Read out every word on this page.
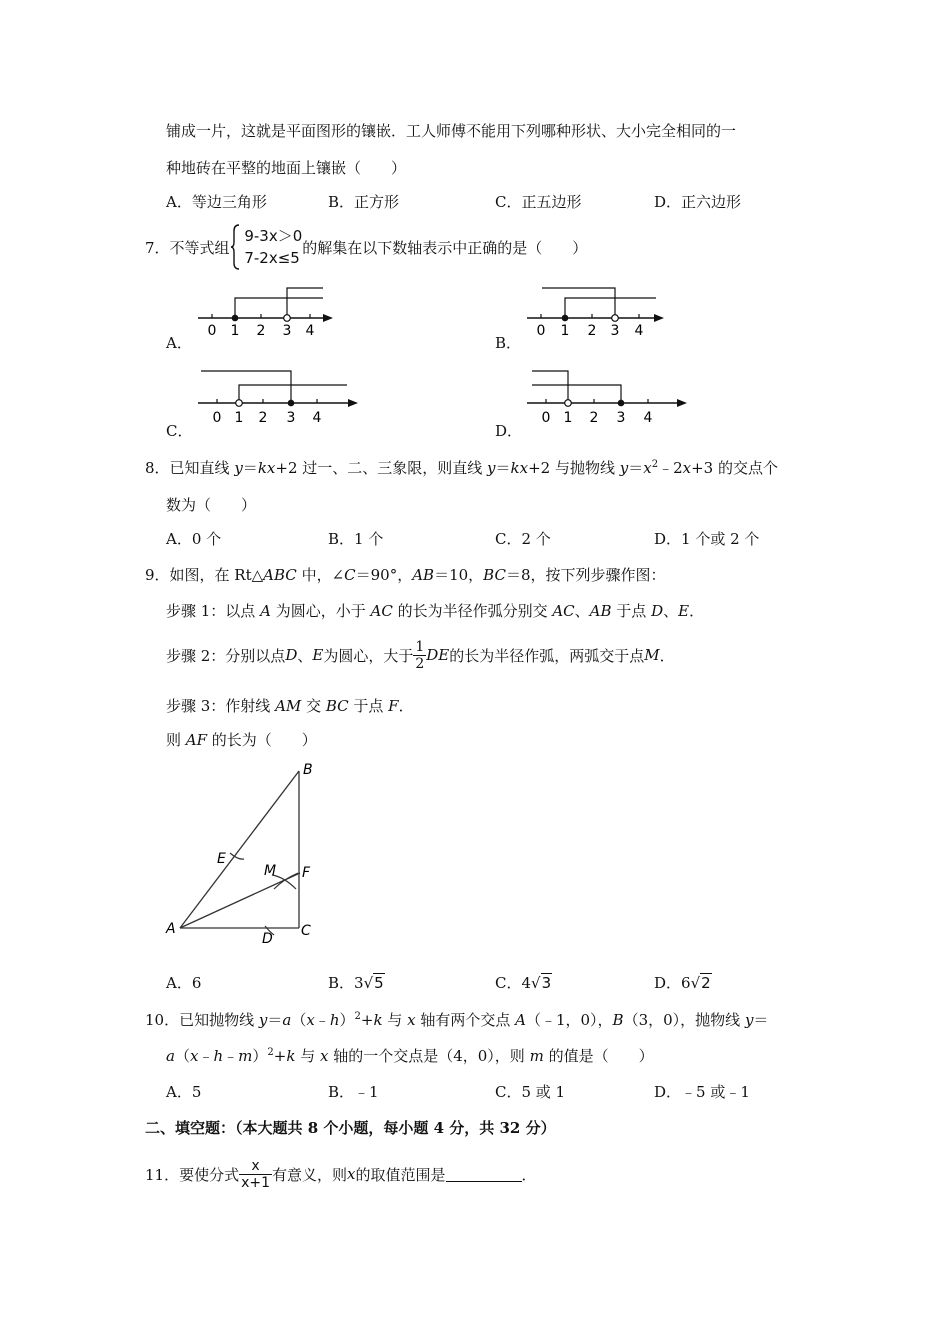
铺成一片，这就是平面图形的镶嵌．工人师傅不能用下列哪种形状、大小完全相同的一
种地砖在平整的地面上镶嵌（　　）
A．等边三角形	B．正方形	C．正五边形	D．正六边形
7．不等式组

9-3x＞0
7-2x≤5
的解集在以下数轴表示中正确的是（　　）
A．
0 1 2 3 4
B．
0 1 2 3 4
C．
0 1 2 3 4
D．
0 1 2 3 4
8．已知直线 y＝kx+2 过一、二、三象限，则直线 y＝kx+2 与抛物线 $y=x^2﹣2x+3$ 的交点个
数为（　　）
A．0 个	B．1 个	C．2 个	D．1 个或 2 个
9．如图，在 Rt△ABC 中，∠C＝90°，AB＝10，BC＝8，按下列步骤作图：
步骤 1：以点 A 为圆心，小于 AC 的长为半径作弧分别交 AC、AB 于点 D、E．
步骤 2：分别以点 D 、 E 为圆心，大于 $\frac{1}{2}$ DE 的长为半径作弧，两弧交于点 M ．
步骤 3：作射线 AM 交 BC 于点 F．
则 AF 的长为（　　）
B
E
M F
A
D C
A．6	B．3√5	C．4√3	D．6√2
10．已知抛物线 y＝a（x﹣h）$^2$+k 与 x 轴有两个交点 A（﹣1，0），B（3，0），抛物线 y＝
a（x﹣h﹣m）$^2$+k 与 x 轴的一个交点是（4，0），则 m 的值是（　　）
A．5	B．﹣1	C．5 或 1	D．﹣5 或﹣1
二、填空题：（本大题共 8 个小题，每小题 4 分，共 32 分）
11．要使分式 $\frac{x}{x+1}$ 有意义，则 x 的取值范围是	．
